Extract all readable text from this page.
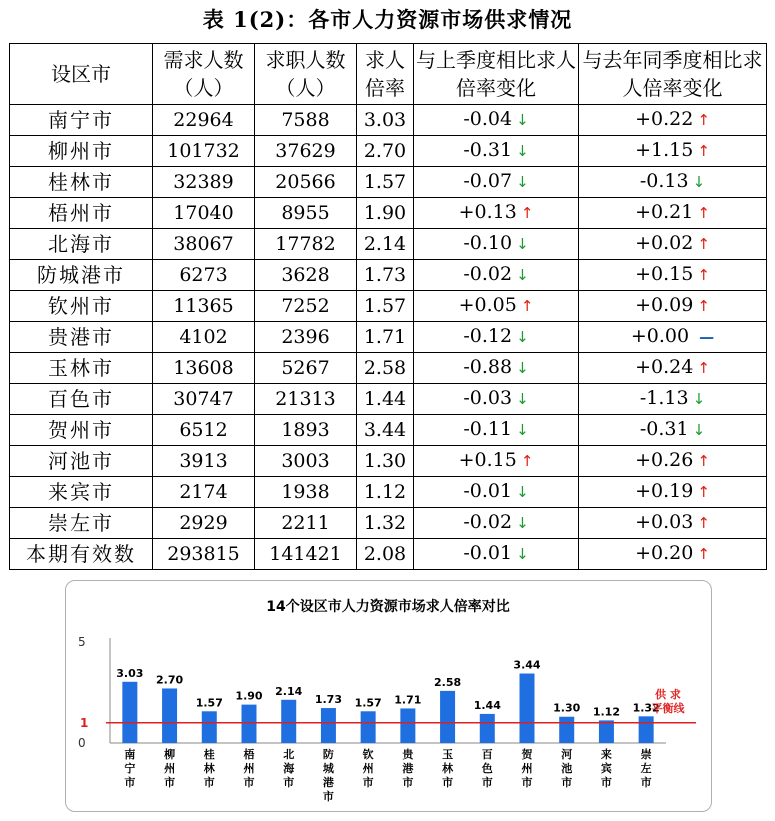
表 1(2)：各市人力资源市场供求情况
设区市	需求人数（人）	求职人数（人）	求人倍率	与上季度相比求人倍率变化	与去年同季度相比求人倍率变化
南宁市	22964	7588	3.03	-0.04 ↓	+0.22 ↑
柳州市	101732	37629	2.70	-0.31 ↓	+1.15 ↑
桂林市	32389	20566	1.57	-0.07 ↓	-0.13 ↓
梧州市	17040	8955	1.90	+0.13 ↑	+0.21 ↑
北海市	38067	17782	2.14	-0.10 ↓	+0.02 ↑
防城港市	6273	3628	1.73	-0.02 ↓	+0.15 ↑
钦州市	11365	7252	1.57	+0.05 ↑	+0.09 ↑
贵港市	4102	2396	1.71	-0.12 ↓	+0.00 —
玉林市	13608	5267	2.58	-0.88 ↓	+0.24 ↑
百色市	30747	21313	1.44	-0.03 ↓	-1.13 ↓
贺州市	6512	1893	3.44	-0.11 ↓	-0.31 ↓
河池市	3913	3003	1.30	+0.15 ↑	+0.26 ↑
来宾市	2174	1938	1.12	-0.01 ↓	+0.19 ↑
崇左市	2929	2211	1.32	-0.02 ↓	+0.03 ↑
本期有效数	293815	141421	2.08	-0.01 ↓	+0.20 ↑
14个设区市人力资源市场求人倍率对比
0
5
3.03
南宁市
2.70
柳州市
1.57
桂林市
1.90
梧州市
2.14
北海市
1.73
防城港市
1.57
钦州市
1.71
贵港市
2.58
玉林市
1.44
百色市
3.44
贺州市
1.30
河池市
1.12
来宾市
1.32
崇左市
1
供 求平衡线
